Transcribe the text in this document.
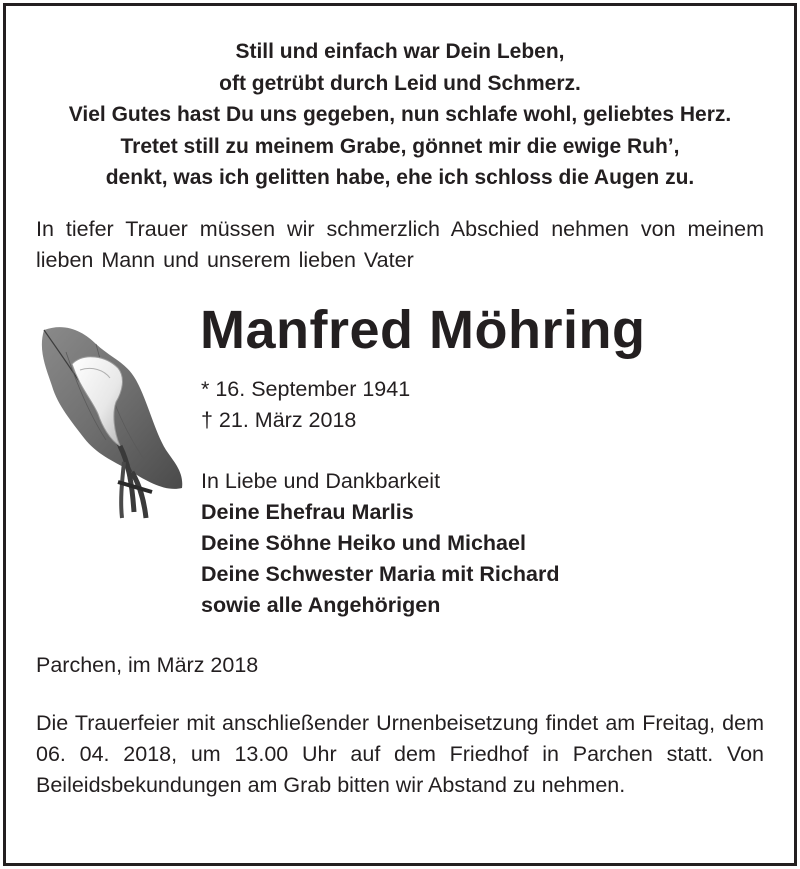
Still und einfach war Dein Leben,
oft getrübt durch Leid und Schmerz.
Viel Gutes hast Du uns gegeben, nun schlafe wohl, geliebtes Herz.
Tretet still zu meinem Grabe, gönnet mir die ewige Ruh’,
denkt, was ich gelitten habe, ehe ich schloss die Augen zu.
In tiefer Trauer müssen wir schmerzlich Abschied nehmen von meinem lieben Mann und unserem lieben Vater
Manfred Möhring
* 16. September 1941
† 21. März 2018
In Liebe und Dankbarkeit
Deine Ehefrau Marlis
Deine Söhne Heiko und Michael
Deine Schwester Maria mit Richard
sowie alle Angehörigen
Parchen, im März 2018
Die Trauerfeier mit anschließender Urnenbeisetzung findet am Freitag, dem 06. 04. 2018, um 13.00 Uhr auf dem Friedhof in Parchen statt. Von Beileidsbekundungen am Grab bitten wir Abstand zu nehmen.
